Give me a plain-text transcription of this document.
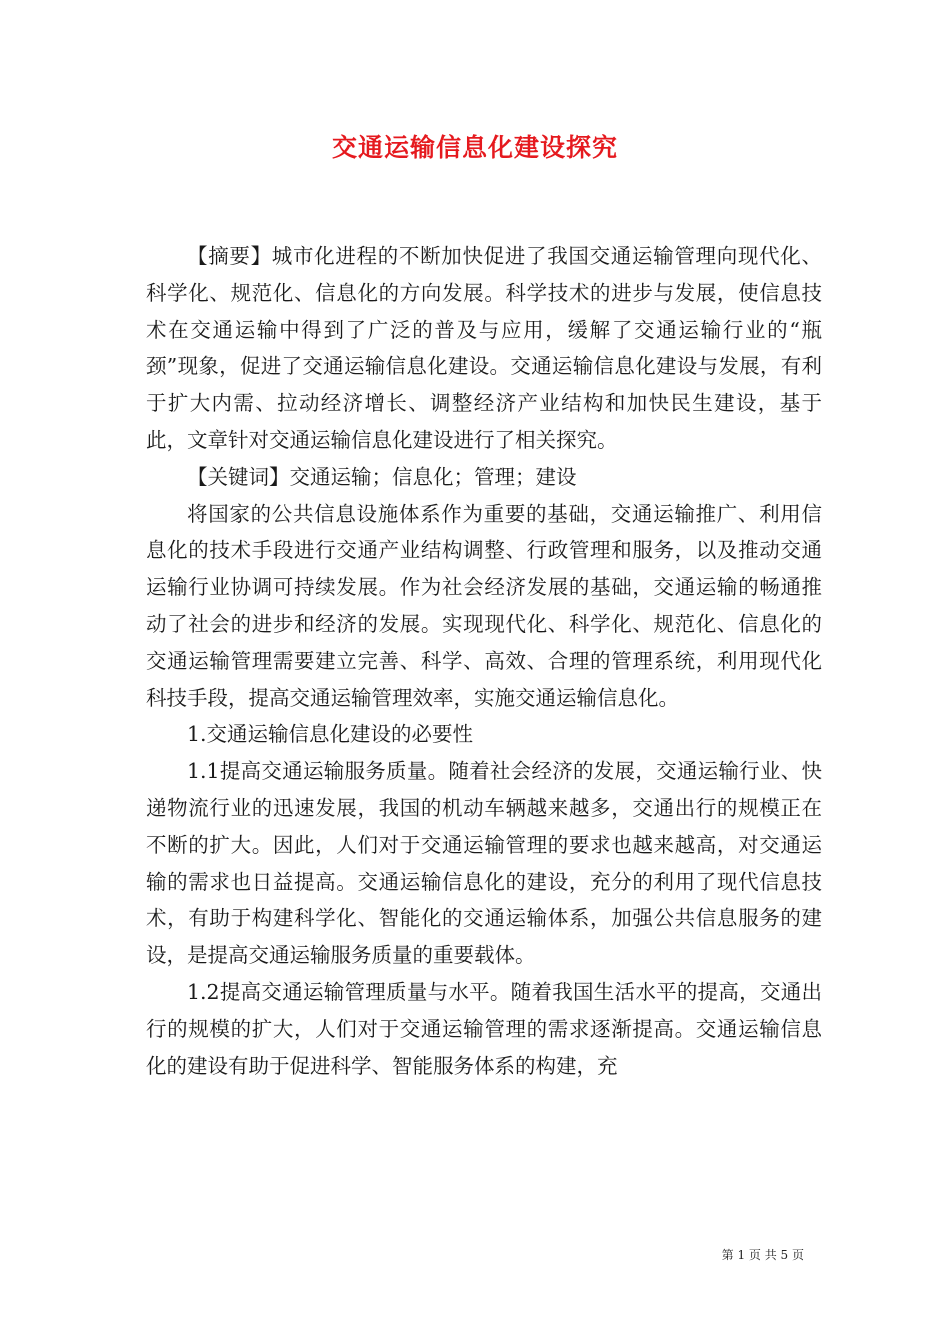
交通运输信息化建设探究

【摘要】城市化进程的不断加快促进了我国交通运输管理向现代化、科学化、规范化、信息化的方向发展。科学技术的进步与发展，使信息技术在交通运输中得到了广泛的普及与应用，缓解了交通运输行业的“瓶颈”现象，促进了交通运输信息化建设。交通运输信息化建设与发展，有利于扩大内需、拉动经济增长、调整经济产业结构和加快民生建设，基于此，文章针对交通运输信息化建设进行了相关探究。

【关键词】交通运输；信息化；管理；建设

将国家的公共信息设施体系作为重要的基础，交通运输推广、利用信息化的技术手段进行交通产业结构调整、行政管理和服务，以及推动交通运输行业协调可持续发展。作为社会经济发展的基础，交通运输的畅通推动了社会的进步和经济的发展。实现现代化、科学化、规范化、信息化的交通运输管理需要建立完善、科学、高效、合理的管理系统，利用现代化科技手段，提高交通运输管理效率，实施交通运输信息化。

1.交通运输信息化建设的必要性

1.1提高交通运输服务质量。随着社会经济的发展，交通运输行业、快递物流行业的迅速发展，我国的机动车辆越来越多，交通出行的规模正在不断的扩大。因此，人们对于交通运输管理的要求也越来越高，对交通运输的需求也日益提高。交通运输信息化的建设，充分的利用了现代信息技术，有助于构建科学化、智能化的交通运输体系，加强公共信息服务的建设，是提高交通运输服务质量的重要载体。

1.2提高交通运输管理质量与水平。随着我国生活水平的提高，交通出行的规模的扩大，人们对于交通运输管理的需求逐渐提高。交通运输信息化的建设有助于促进科学、智能服务体系的构建，充

第 1 页 共 5 页
